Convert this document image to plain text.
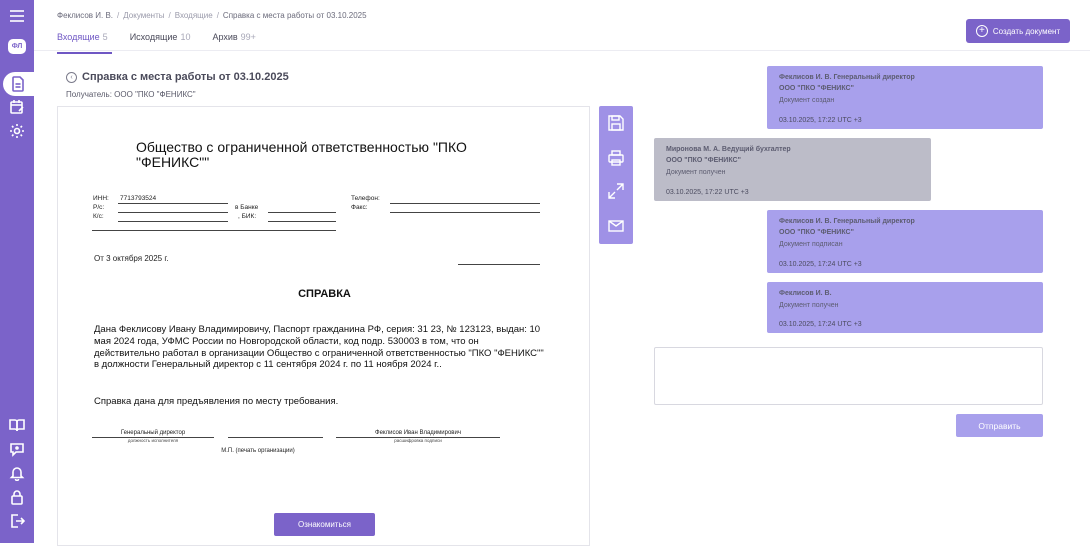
ФЛ
Феклисов И. В. / Документы / Входящие / Справка с места работы от 03.10.2025
Входящие 5 Исходящие 10 Архив 99+
+	Создать документ
‹ Справка с места работы от 03.10.2025
Получатель: ООО "ПКО "ФЕНИКС"
Общество с ограниченной ответственностью "ПКО "ФЕНИКС""
ИНН: 7713793524
Р/с:
К/с:
в Банке
, БИК:
Телефон:
Факс:
От 3 октября 2025 г.
СПРАВКА
Дана Феклисову Ивану Владимировичу, Паспорт гражданина РФ, серия: 31 23, № 123123, выдан: 10 мая 2024 года, УФМС России по Новгородской области, код подр. 530003 в том, что он действительно работал в организации Общество с ограниченной ответственностью "ПКО "ФЕНИКС"" в должности Генеральный директор с 11 сентября 2024 г. по 11 ноября 2024 г..
Справка дана для предъявления по месту требования.
Генеральный директор
должность исполнителя
Феклисов Иван Владимирович
расшифровка подписи
М.П. (печать организации)
Ознакомиться
Феклисов И. В. Генеральный директор
ООО "ПКО "ФЕНИКС"
Документ создан
03.10.2025, 17:22 UTC +3
Миронова М. А. Ведущий бухгалтер
ООО "ПКО "ФЕНИКС"
Документ получен
03.10.2025, 17:22 UTC +3
Феклисов И. В. Генеральный директор
ООО "ПКО "ФЕНИКС"
Документ подписан
03.10.2025, 17:24 UTC +3
Феклисов И. В.
Документ получен
03.10.2025, 17:24 UTC +3
Отправить
